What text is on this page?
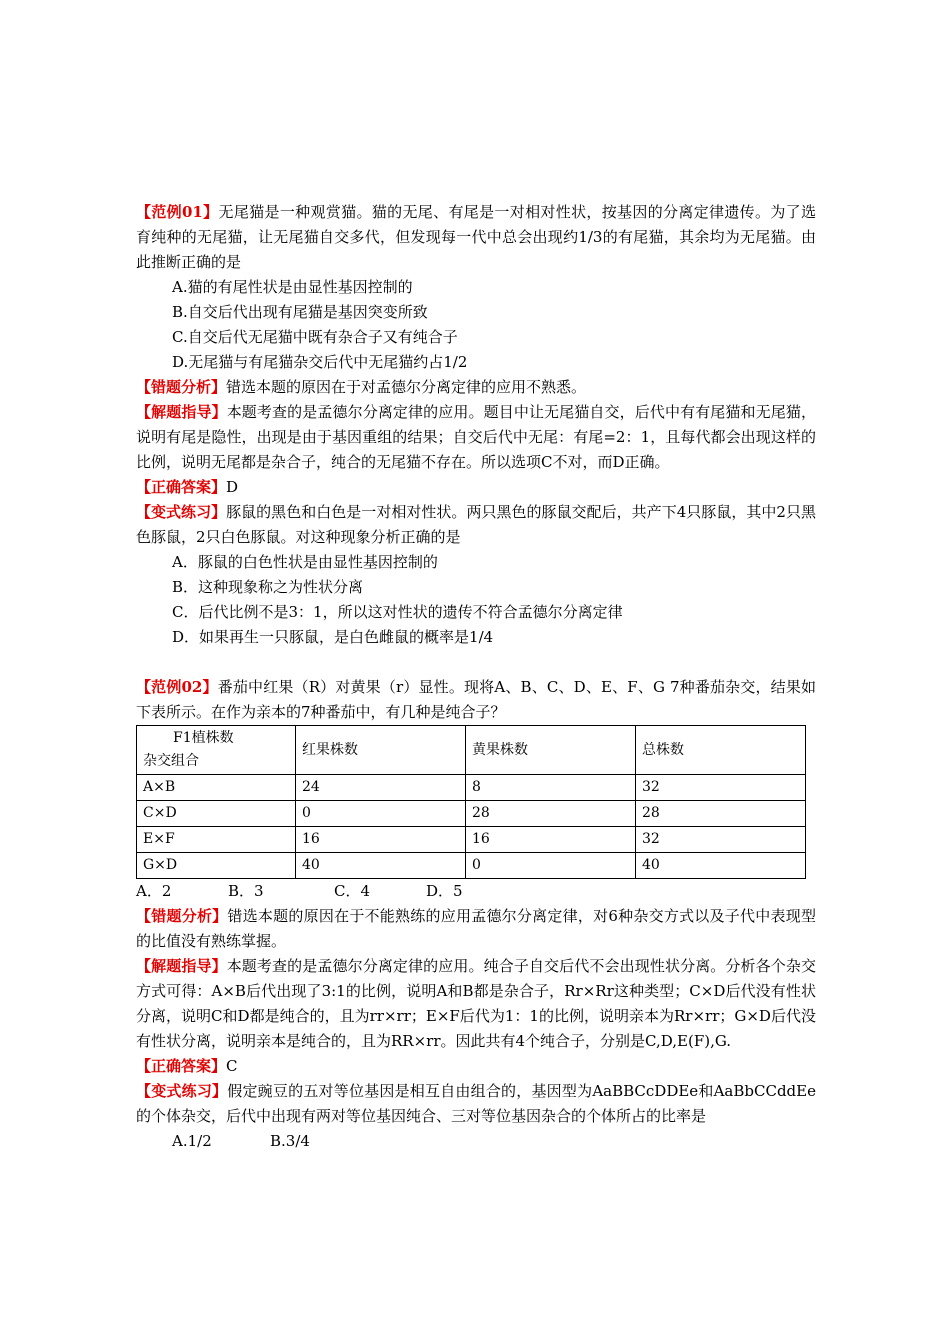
【范例01】无尾猫是一种观赏猫。猫的无尾、有尾是一对相对性状，按基因的分离定律遗传。为了选育纯种的无尾猫，让无尾猫自交多代，但发现每一代中总会出现约1/3的有尾猫，其余均为无尾猫。由此推断正确的是

A.猫的有尾性状是由显性基因控制的

B.自交后代出现有尾猫是基因突变所致

C.自交后代无尾猫中既有杂合子又有纯合子

D.无尾猫与有尾猫杂交后代中无尾猫约占1/2

【错题分析】错选本题的原因在于对孟德尔分离定律的应用不熟悉。

【解题指导】本题考查的是孟德尔分离定律的应用。题目中让无尾猫自交，后代中有有尾猫和无尾猫，说明有尾是隐性，出现是由于基因重组的结果；自交后代中无尾：有尾=2：1，且每代都会出现这样的比例，说明无尾都是杂合子，纯合的无尾猫不存在。所以选项C不对，而D正确。

【正确答案】D

【变式练习】豚鼠的黑色和白色是一对相对性状。两只黑色的豚鼠交配后，共产下4只豚鼠，其中2只黑色豚鼠，2只白色豚鼠。对这种现象分析正确的是

A．豚鼠的白色性状是由显性基因控制的

B．这种现象称之为性状分离

C．后代比例不是3：1，所以这对性状的遗传不符合孟德尔分离定律

D．如果再生一只豚鼠，是白色雌鼠的概率是1/4

【范例02】番茄中红果（R）对黄果（r）显性。现将A、B、C、D、E、F、G 7种番茄杂交，结果如下表所示。在作为亲本的7种番茄中，有几种是纯合子？

F1植株数
杂交组合	红果株数	黄果株数	总株数
A×B	24	8	32
C×D	0	28	28
E×F	16	16	32
G×D	40	0	40

A．2	B．3	C．4	D．5

【错题分析】错选本题的原因在于不能熟练的应用孟德尔分离定律，对6种杂交方式以及子代中表现型的比值没有熟练掌握。

【解题指导】本题考查的是孟德尔分离定律的应用。纯合子自交后代不会出现性状分离。分析各个杂交方式可得：A×B后代出现了3:1的比例，说明A和B都是杂合子，Rr×Rr这种类型；C×D后代没有性状分离，说明C和D都是纯合的，且为rr×rr；E×F后代为1：1的比例，说明亲本为Rr×rr；G×D后代没有性状分离，说明亲本是纯合的，且为RR×rr。因此共有4个纯合子，分别是C,D,E(F),G.

【正确答案】C

【变式练习】假定豌豆的五对等位基因是相互自由组合的，基因型为AaBBCcDDEe和AaBbCCddEe的个体杂交，后代中出现有两对等位基因纯合、三对等位基因杂合的个体所占的比率是

A.1/2	B.3/4
